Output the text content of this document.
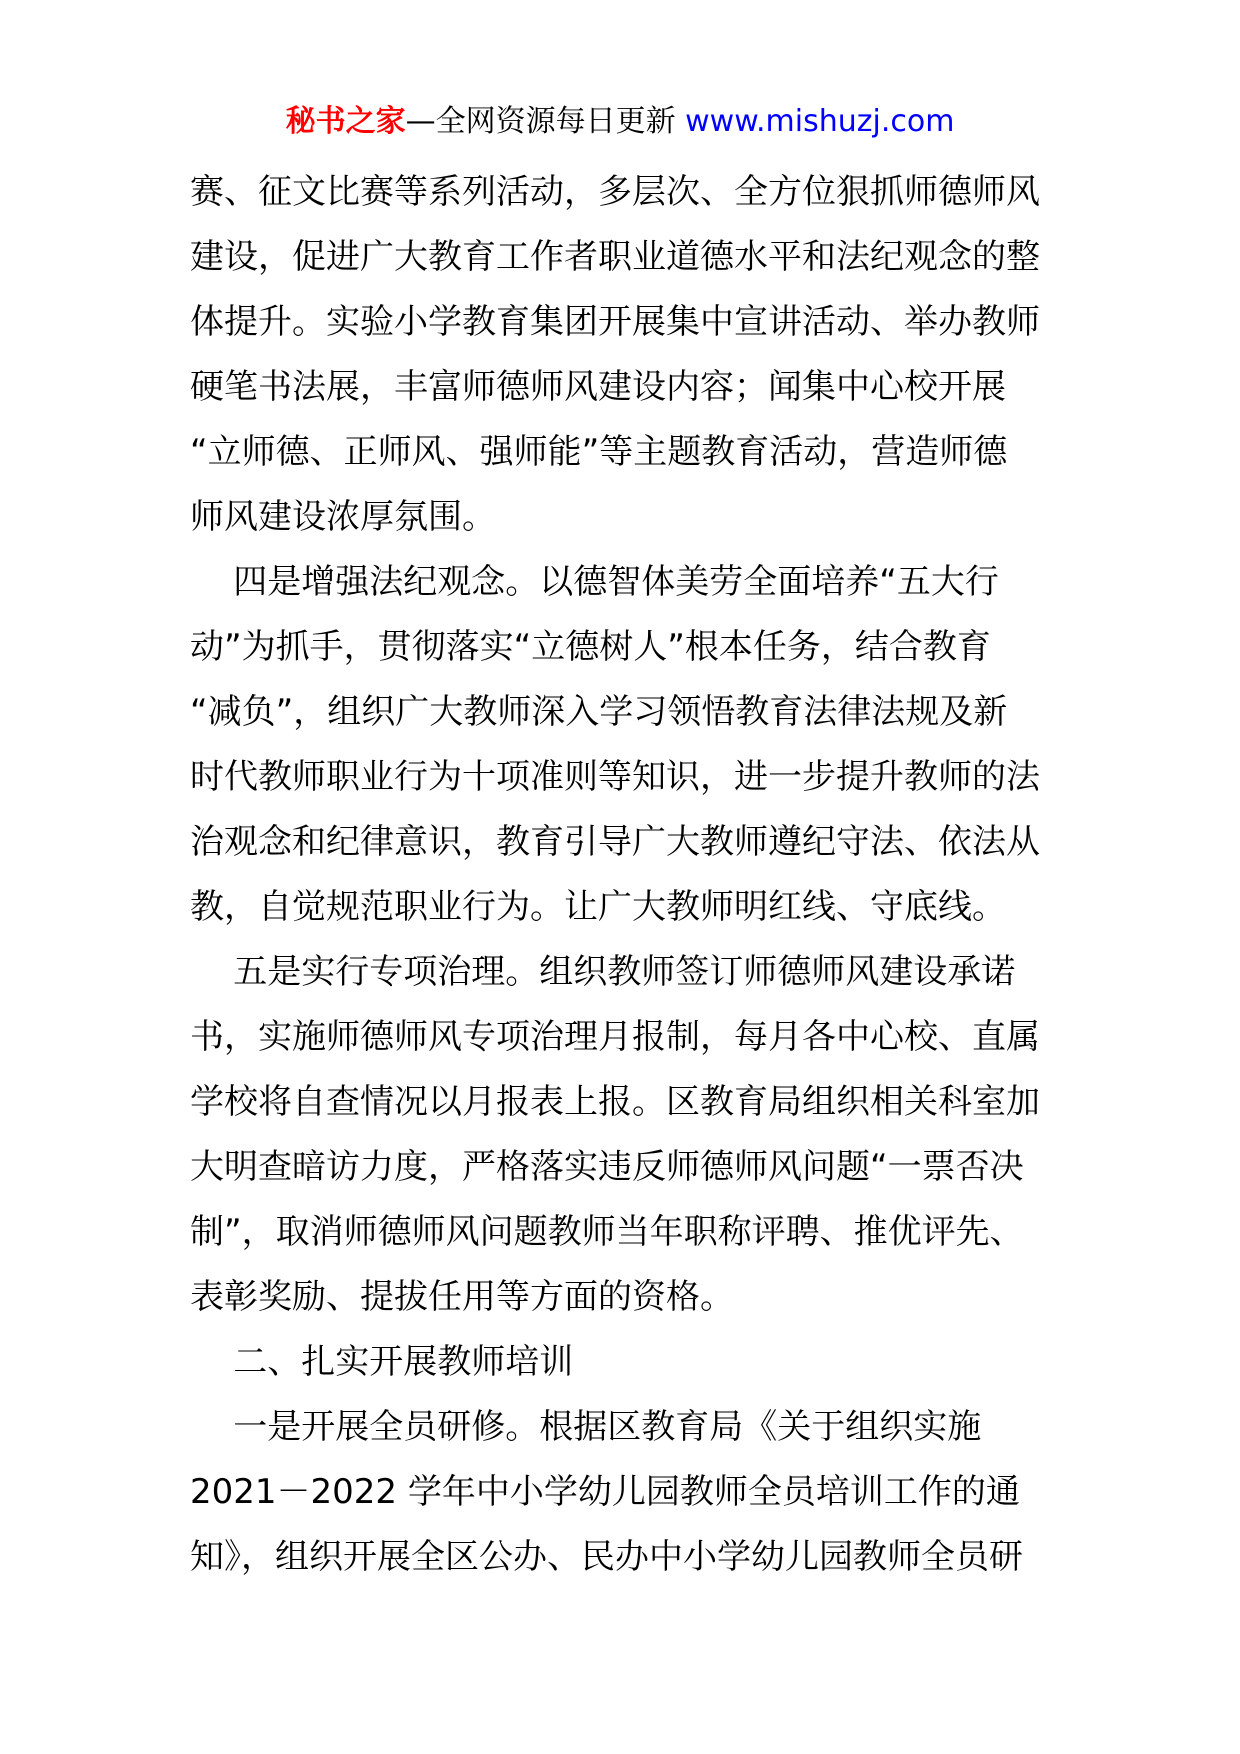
秘书之家—全网资源每日更新 www.mishuzj.com
赛、征文比赛等系列活动，多层次、全方位狠抓师德师风
建设，促进广大教育工作者职业道德水平和法纪观念的整
体提升。实验小学教育集团开展集中宣讲活动、举办教师
硬笔书法展，丰富师德师风建设内容；闻集中心校开展
“立师德、正师风、强师能”等主题教育活动，营造师德
师风建设浓厚氛围。
四是增强法纪观念。以德智体美劳全面培养“五大行
动”为抓手，贯彻落实“立德树人”根本任务，结合教育
“减负”，组织广大教师深入学习领悟教育法律法规及新
时代教师职业行为十项准则等知识，进一步提升教师的法
治观念和纪律意识，教育引导广大教师遵纪守法、依法从
教，自觉规范职业行为。让广大教师明红线、守底线。
五是实行专项治理。组织教师签订师德师风建设承诺
书，实施师德师风专项治理月报制，每月各中心校、直属
学校将自查情况以月报表上报。区教育局组织相关科室加
大明查暗访力度，严格落实违反师德师风问题“一票否决
制”，取消师德师风问题教师当年职称评聘、推优评先、
表彰奖励、提拔任用等方面的资格。
二、扎实开展教师培训
一是开展全员研修。根据区教育局《关于组织实施
2021－2022 学年中小学幼儿园教师全员培训工作的通
知》，组织开展全区公办、民办中小学幼儿园教师全员研
